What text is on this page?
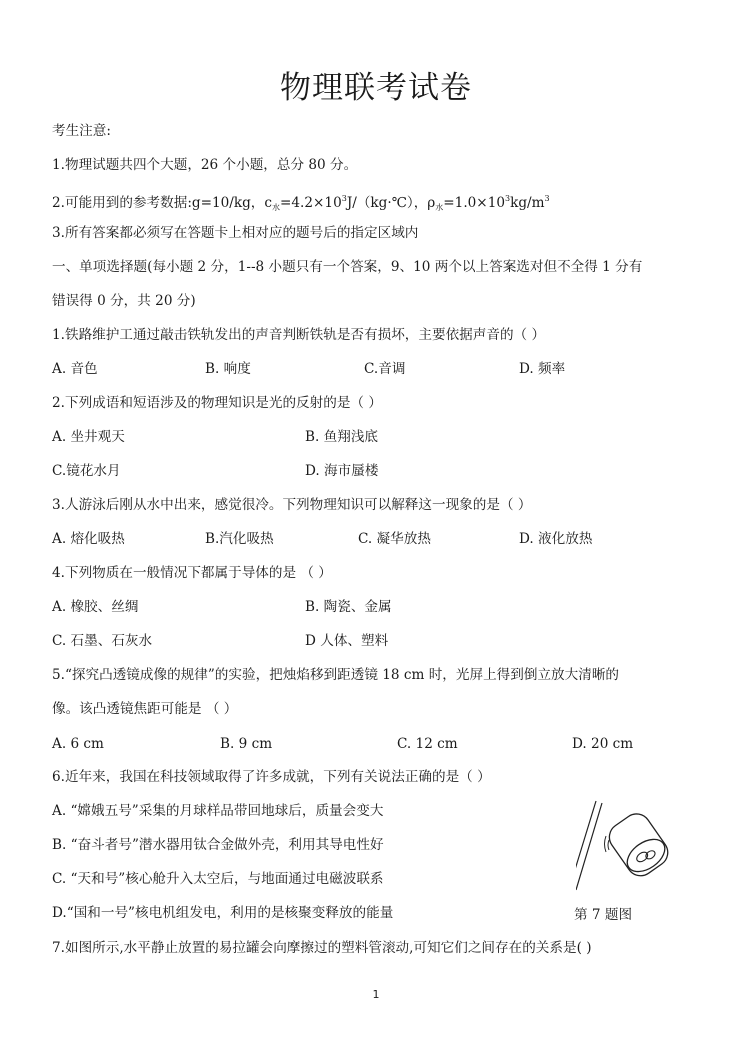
物理联考试卷
考生注意:
1.物理试题共四个大题，26 个小题，总分 80 分。
2.可能用到的参考数据:g=10/kg，$c_水=4.2\times 10^3J/(kg\cdot℃)$，$\rho_水=1.0\times 10^3kg/m^3$
3.所有答案都必须写在答题卡上相对应的题号后的指定区域内
一、单项选择题(每小题 2 分，1--8 小题只有一个答案，9、10 两个以上答案选对但不全得 1 分有
错误得 0 分，共 20 分)
1.铁路维护工通过敲击铁轨发出的声音判断铁轨是否有损坏，主要依据声音的（ ）
A. 音色	B. 响度	C.音调	D. 频率
2.下列成语和短语涉及的物理知识是光的反射的是（ ）
A. 坐井观天	B. 鱼翔浅底
C.镜花水月	D. 海市蜃楼
3.人游泳后刚从水中出来，感觉很冷。下列物理知识可以解释这一现象的是（ ）
A. 熔化吸热	B.汽化吸热	C. 凝华放热	D. 液化放热
4.下列物质在一般情况下都属于导体的是 （ ）
A. 橡胶、丝绸	B. 陶瓷、金属
C. 石墨、石灰水	D 人体、塑料
5.“探究凸透镜成像的规律”的实验，把烛焰移到距透镜 18 cm 时，光屏上得到倒立放大清晰的
像。该凸透镜焦距可能是 （ ）
A. 6 cm	B. 9 cm	C. 12 cm	D. 20 cm
6.近年来，我国在科技领域取得了许多成就，下列有关说法正确的是（ ）
A. “嫦娥五号”采集的月球样品带回地球后，质量会变大
B. “奋斗者号”潜水器用钛合金做外壳，利用其导电性好
C. “天和号”核心舱升入太空后，与地面通过电磁波联系
D.“国和一号”核电机组发电，利用的是核聚变释放的能量	第 7 题图
7.如图所示,水平静止放置的易拉罐会向摩擦过的塑料管滚动,可知它们之间存在的关系是( )
1
